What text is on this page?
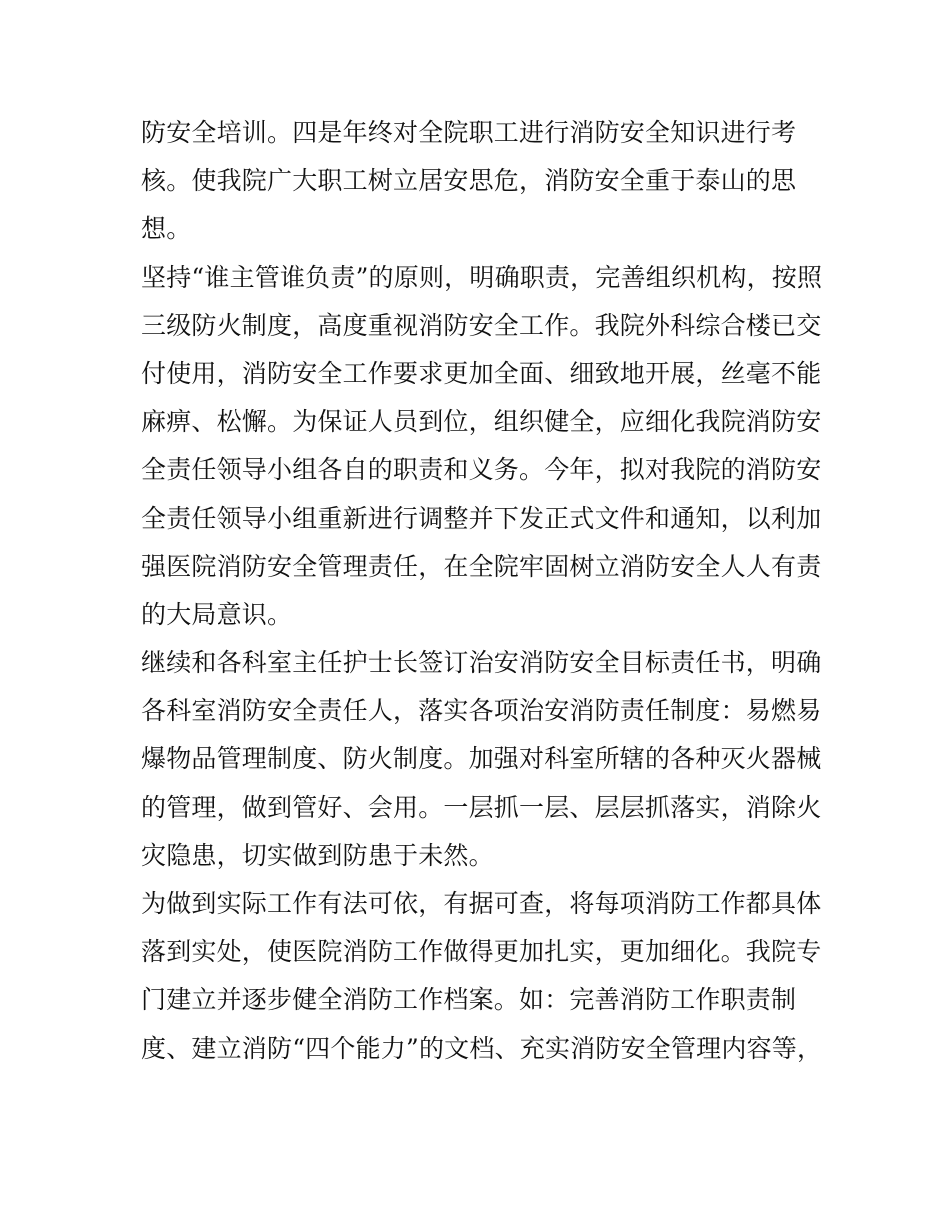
防安全培训。四是年终对全院职工进行消防安全知识进行考
核。使我院广大职工树立居安思危，消防安全重于泰山的思
想。
坚持“谁主管谁负责”的原则，明确职责，完善组织机构，按照
三级防火制度，高度重视消防安全工作。我院外科综合楼已交
付使用，消防安全工作要求更加全面、细致地开展，丝毫不能
麻痹、松懈。为保证人员到位，组织健全，应细化我院消防安
全责任领导小组各自的职责和义务。今年，拟对我院的消防安
全责任领导小组重新进行调整并下发正式文件和通知，以利加
强医院消防安全管理责任，在全院牢固树立消防安全人人有责
的大局意识。
继续和各科室主任护士长签订治安消防安全目标责任书，明确
各科室消防安全责任人，落实各项治安消防责任制度：易燃易
爆物品管理制度、防火制度。加强对科室所辖的各种灭火器械
的管理，做到管好、会用。一层抓一层、层层抓落实，消除火
灾隐患，切实做到防患于未然。
为做到实际工作有法可依，有据可查，将每项消防工作都具体
落到实处，使医院消防工作做得更加扎实，更加细化。我院专
门建立并逐步健全消防工作档案。如：完善消防工作职责制
度、建立消防“四个能力”的文档、充实消防安全管理内容等，
